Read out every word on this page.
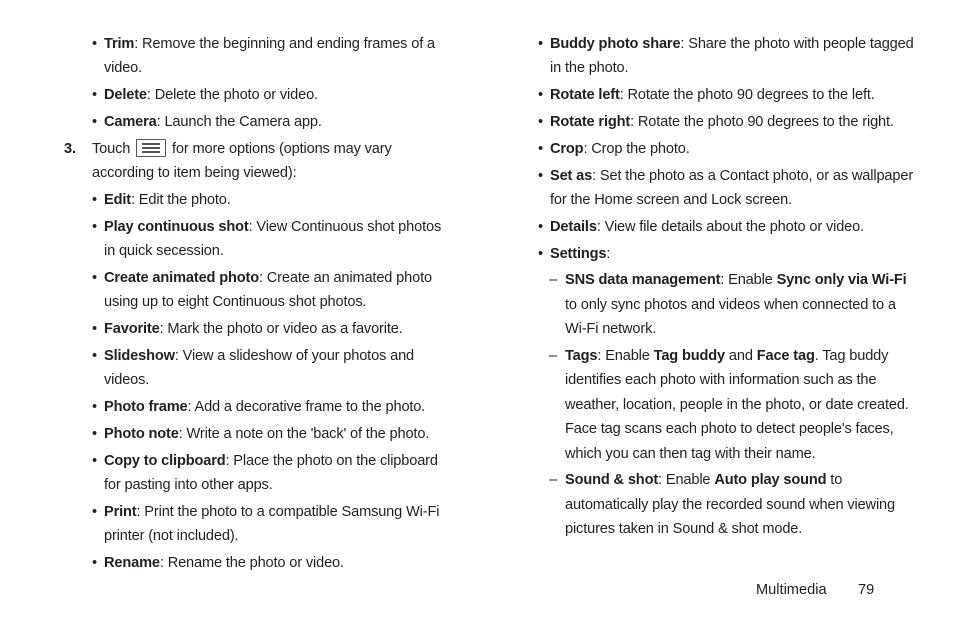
• Trim: Remove the beginning and ending frames of a video.
• Delete: Delete the photo or video.
• Camera: Launch the Camera app.
3. Touch	for more options (options may vary according to item being viewed):
• Edit: Edit the photo.
• Play continuous shot: View Continuous shot photos in quick secession.
• Create animated photo: Create an animated photo using up to eight Continuous shot photos.
• Favorite: Mark the photo or video as a favorite.
• Slideshow: View a slideshow of your photos and videos.
• Photo frame: Add a decorative frame to the photo.
• Photo note: Write a note on the 'back' of the photo.
• Copy to clipboard: Place the photo on the clipboard for pasting into other apps.
• Print: Print the photo to a compatible Samsung Wi-Fi printer (not included).
• Rename: Rename the photo or video.
• Buddy photo share: Share the photo with people tagged in the photo.
• Rotate left: Rotate the photo 90 degrees to the left.
• Rotate right: Rotate the photo 90 degrees to the right.
• Crop: Crop the photo.
• Set as: Set the photo as a Contact photo, or as wallpaper for the Home screen and Lock screen.
• Details: View file details about the photo or video.
• Settings:
– SNS data management: Enable Sync only via Wi-Fi to only sync photos and videos when connected to a Wi-Fi network.
– Tags: Enable Tag buddy and Face tag. Tag buddy identifies each photo with information such as the weather, location, people in the photo, or date created. Face tag scans each photo to detect people's faces, which you can then tag with their name.
– Sound & shot: Enable Auto play sound to automatically play the recorded sound when viewing pictures taken in Sound & shot mode.
Multimedia 79
